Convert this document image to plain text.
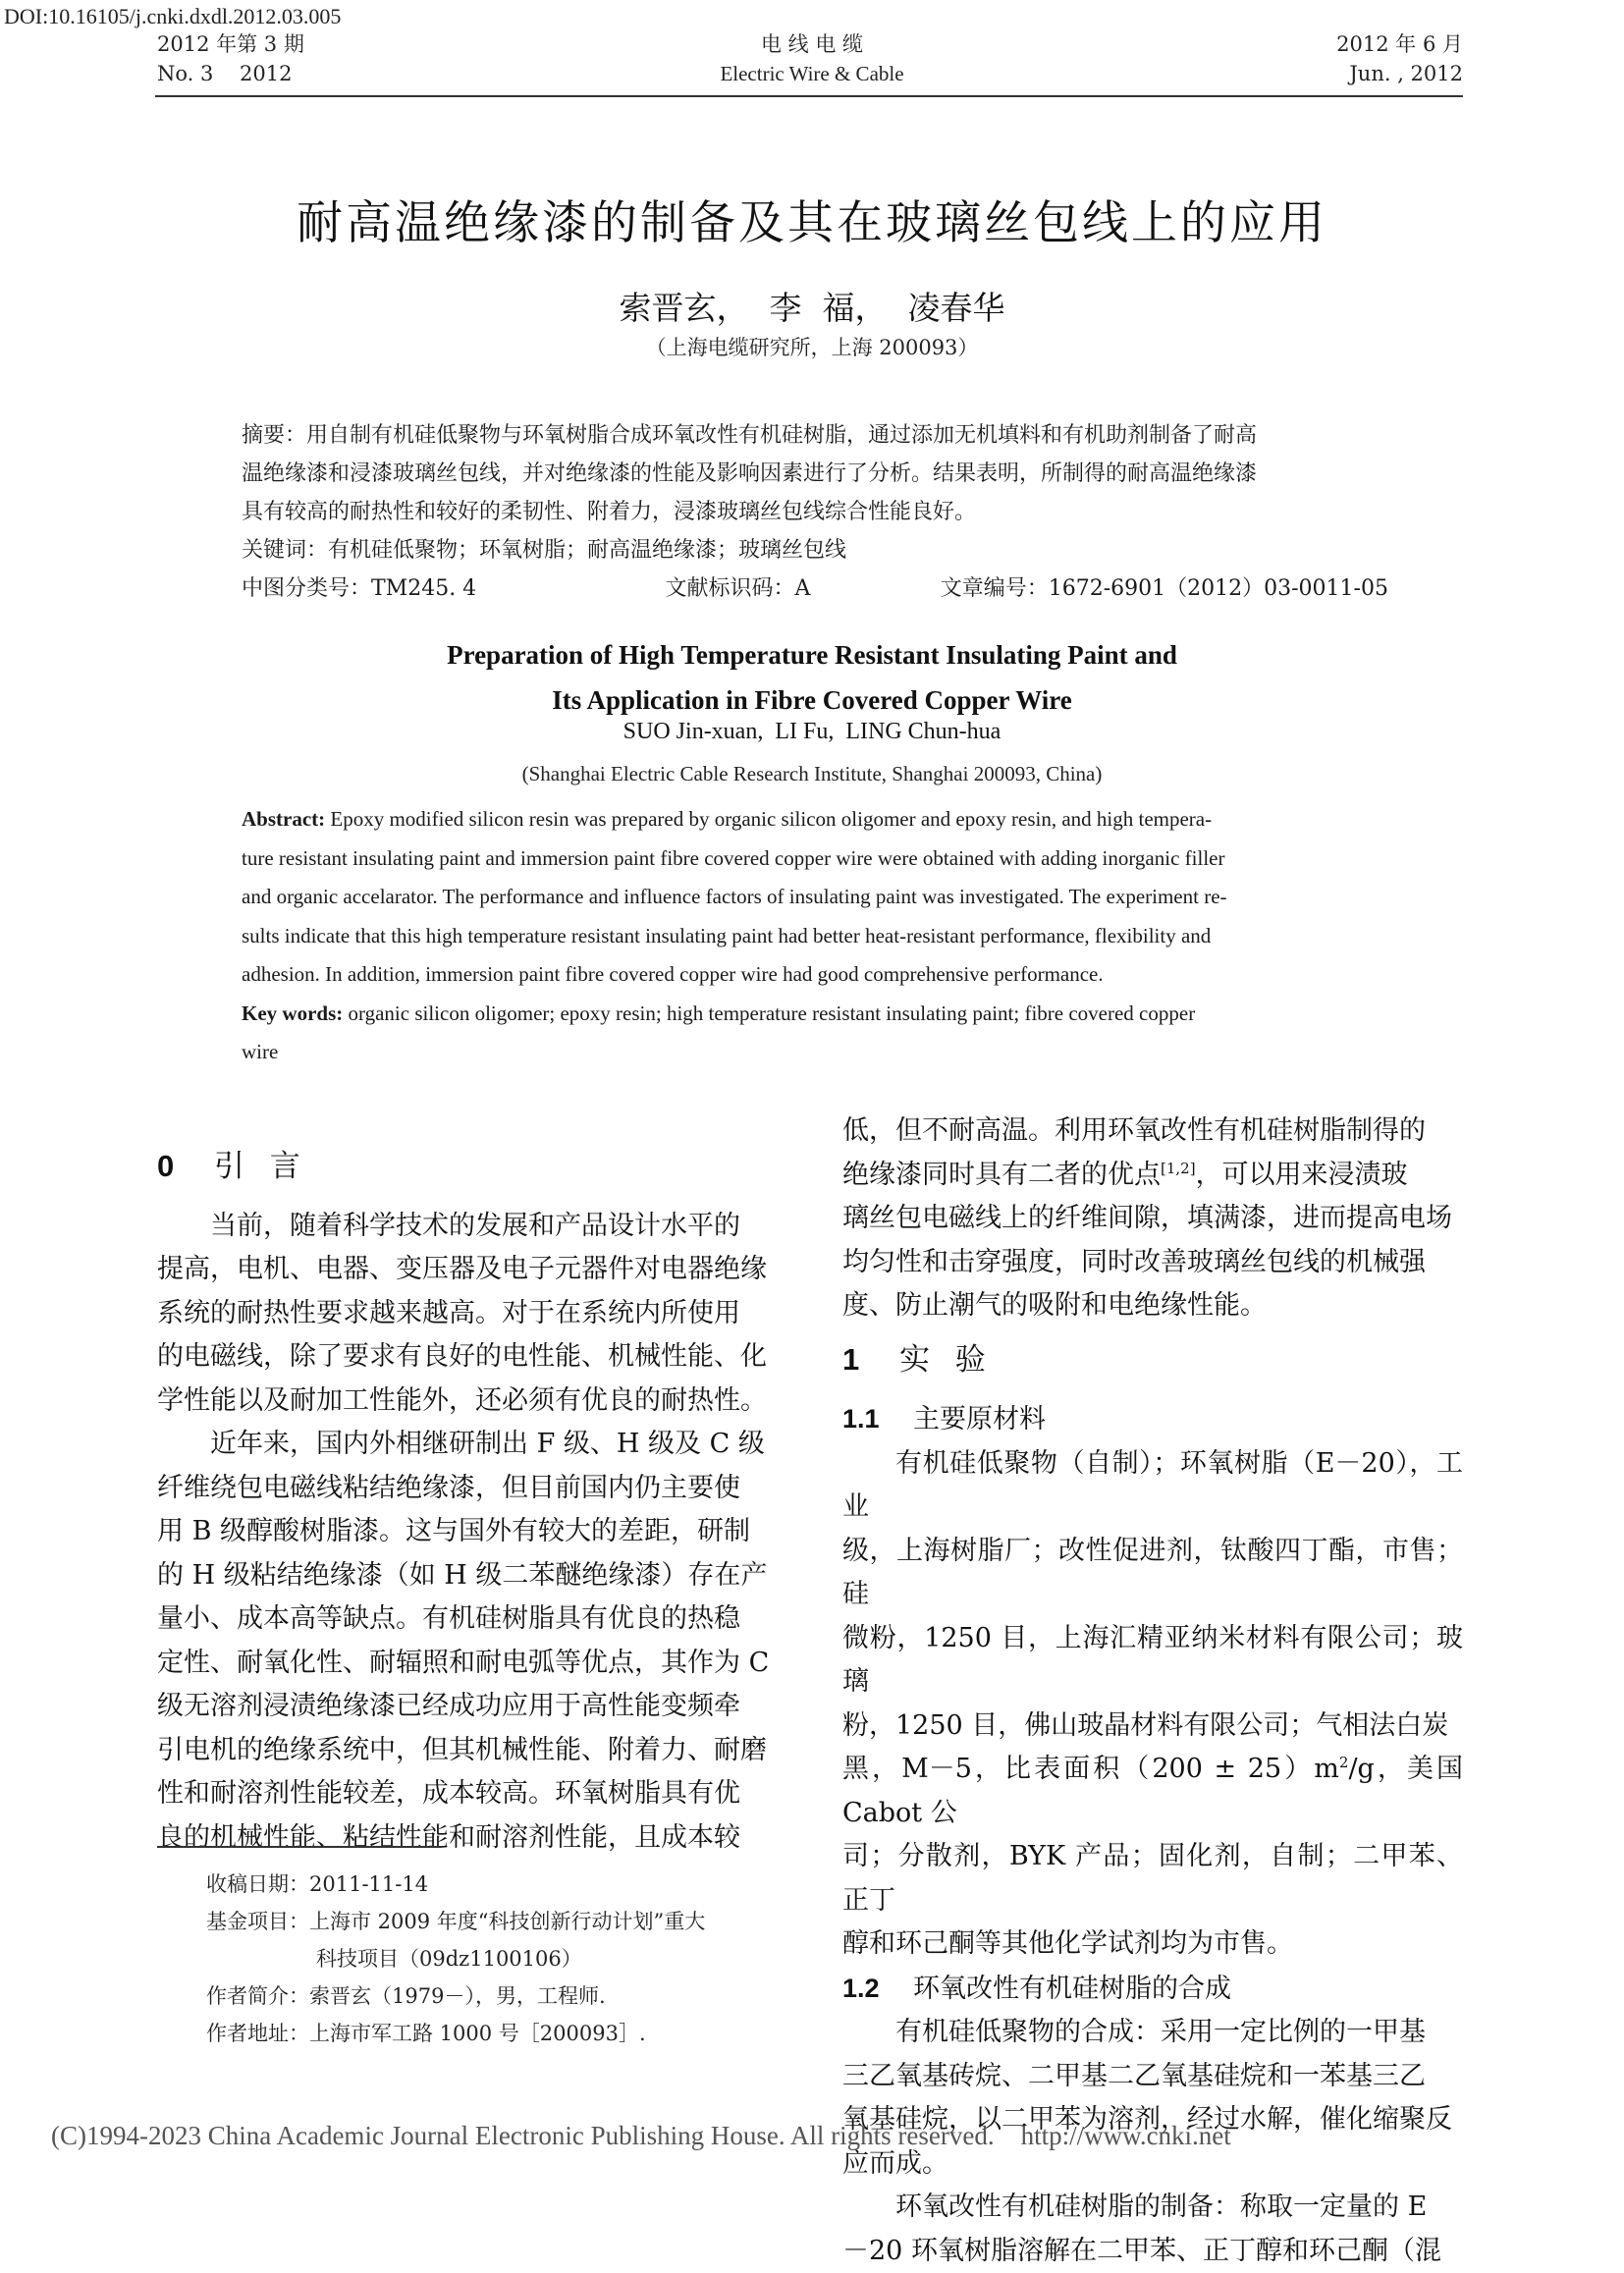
DOI:10.16105/j.cnki.dxdl.2012.03.005
2012 年第 3 期
No. 3    2012
电 线 电 缆
Electric Wire & Cable
2012 年 6 月
Jun. , 2012
耐高温绝缘漆的制备及其在玻璃丝包线上的应用
索晋玄，  李  福，  凌春华
（上海电缆研究所，上海 200093）

摘要：用自制有机硅低聚物与环氧树脂合成环氧改性有机硅树脂，通过添加无机填料和有机助剂制备了耐高

温绝缘漆和浸漆玻璃丝包线，并对绝缘漆的性能及影响因素进行了分析。结果表明，所制得的耐高温绝缘漆

具有较高的耐热性和较好的柔韧性、附着力，浸漆玻璃丝包线综合性能良好。

关键词：有机硅低聚物；环氧树脂；耐高温绝缘漆；玻璃丝包线

中图分类号：TM245. 4	文献标识码：A	文章编号：1672-6901（2012）03-0011-05
Preparation of High Temperature Resistant Insulating Paint and
Its Application in Fibre Covered Copper Wire
SUO Jin-xuan,  LI Fu,  LING Chun-hua
(Shanghai Electric Cable Research Institute, Shanghai 200093, China)

Abstract: Epoxy modified silicon resin was prepared by organic silicon oligomer and epoxy resin, and high tempera-

ture resistant insulating paint and immersion paint fibre covered copper wire were obtained with adding inorganic filler

and organic accelarator. The performance and influence factors of insulating paint was investigated. The experiment re-

sults indicate that this high temperature resistant insulating paint had better heat-resistant performance, flexibility and

adhesion. In addition, immersion paint fibre covered copper wire had good comprehensive performance.

Key words: organic silicon oligomer; epoxy resin; high temperature resistant insulating paint; fibre covered copper

wire

0 引  言

当前，随着科学技术的发展和产品设计水平的

提高，电机、电器、变压器及电子元器件对电器绝缘

系统的耐热性要求越来越高。对于在系统内所使用

的电磁线，除了要求有良好的电性能、机械性能、化

学性能以及耐加工性能外，还必须有优良的耐热性。

近年来，国内外相继研制出 F 级、H 级及 C 级

纤维绕包电磁线粘结绝缘漆，但目前国内仍主要使

用 B 级醇酸树脂漆。这与国外有较大的差距，研制

的 H 级粘结绝缘漆（如 H 级二苯醚绝缘漆）存在产

量小、成本高等缺点。有机硅树脂具有优良的热稳

定性、耐氧化性、耐辐照和耐电弧等优点，其作为 C

级无溶剂浸渍绝缘漆已经成功应用于高性能变频牵

引电机的绝缘系统中，但其机械性能、附着力、耐磨

性和耐溶剂性能较差，成本较高。环氧树脂具有优

良的机械性能、粘结性能和耐溶剂性能，且成本较

低，但不耐高温。利用环氧改性有机硅树脂制得的

绝缘漆同时具有二者的优点[1,2]，可以用来浸渍玻

璃丝包电磁线上的纤维间隙，填满漆，进而提高电场

均匀性和击穿强度，同时改善玻璃丝包线的机械强

度、防止潮气的吸附和电绝缘性能。

1 实  验

1.1 主要原材料

有机硅低聚物（自制）；环氧树脂（E－20），工业

级，上海树脂厂；改性促进剂，钛酸四丁酯，市售；硅

微粉，1250 目，上海汇精亚纳米材料有限公司；玻璃

粉，1250 目，佛山玻晶材料有限公司；气相法白炭

黑，M－5，比表面积$(200 \pm 25)m^2/g$，美国 Cabot 公

司；分散剂，BYK 产品；固化剂，自制；二甲苯、正丁

醇和环己酮等其他化学试剂均为市售。

1.2 环氧改性有机硅树脂的合成

有机硅低聚物的合成：采用一定比例的一甲基

三乙氧基砖烷、二甲基二乙氧基硅烷和一苯基三乙

氧基硅烷，以二甲苯为溶剂，经过水解，催化缩聚反

应而成。

环氧改性有机硅树脂的制备：称取一定量的 E

－20 环氧树脂溶解在二甲苯、正丁醇和环己酮（混

收稿日期：2011-11-14

基金项目：上海市 2009 年度“科技创新行动计划”重大

科技项目（09dz1100106）

作者简介：索晋玄（1979－），男，工程师.

作者地址：上海市军工路 1000 号［200093］.

(C)1994-2023 China Academic Journal Electronic Publishing House. All rights reserved.    http://www.cnki.net
